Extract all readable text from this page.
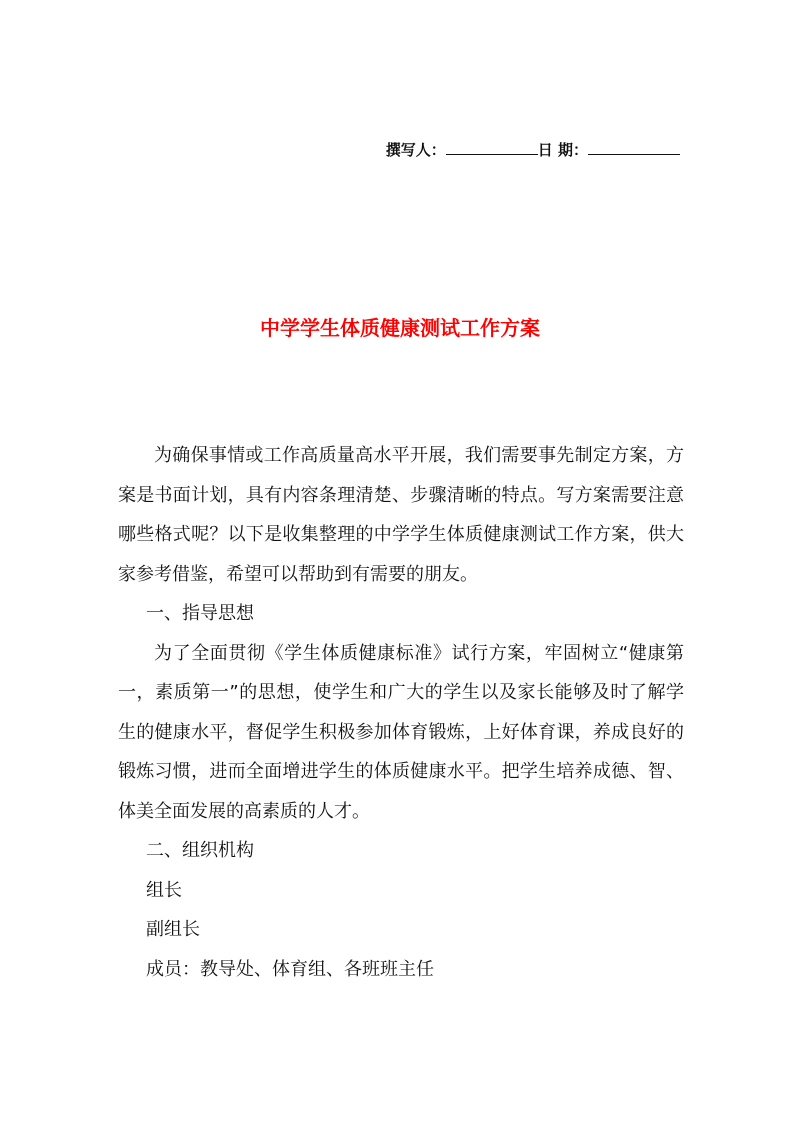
撰写人：	日 期：
中学学生体质健康测试工作方案

为确保事情或工作高质量高水平开展，我们需要事先制定方案，方案是书面计划，具有内容条理清楚、步骤清晰的特点。写方案需要注意哪些格式呢？以下是收集整理的中学学生体质健康测试工作方案，供大家参考借鉴，希望可以帮助到有需要的朋友。

一、指导思想

为了全面贯彻《学生体质健康标准》试行方案，牢固树立“健康第一，素质第一”的思想，使学生和广大的学生以及家长能够及时了解学生的健康水平，督促学生积极参加体育锻炼，上好体育课，养成良好的锻炼习惯，进而全面增进学生的体质健康水平。把学生培养成德、智、体美全面发展的高素质的人才。

二、组织机构

组长

副组长

成员：教导处、体育组、各班班主任
